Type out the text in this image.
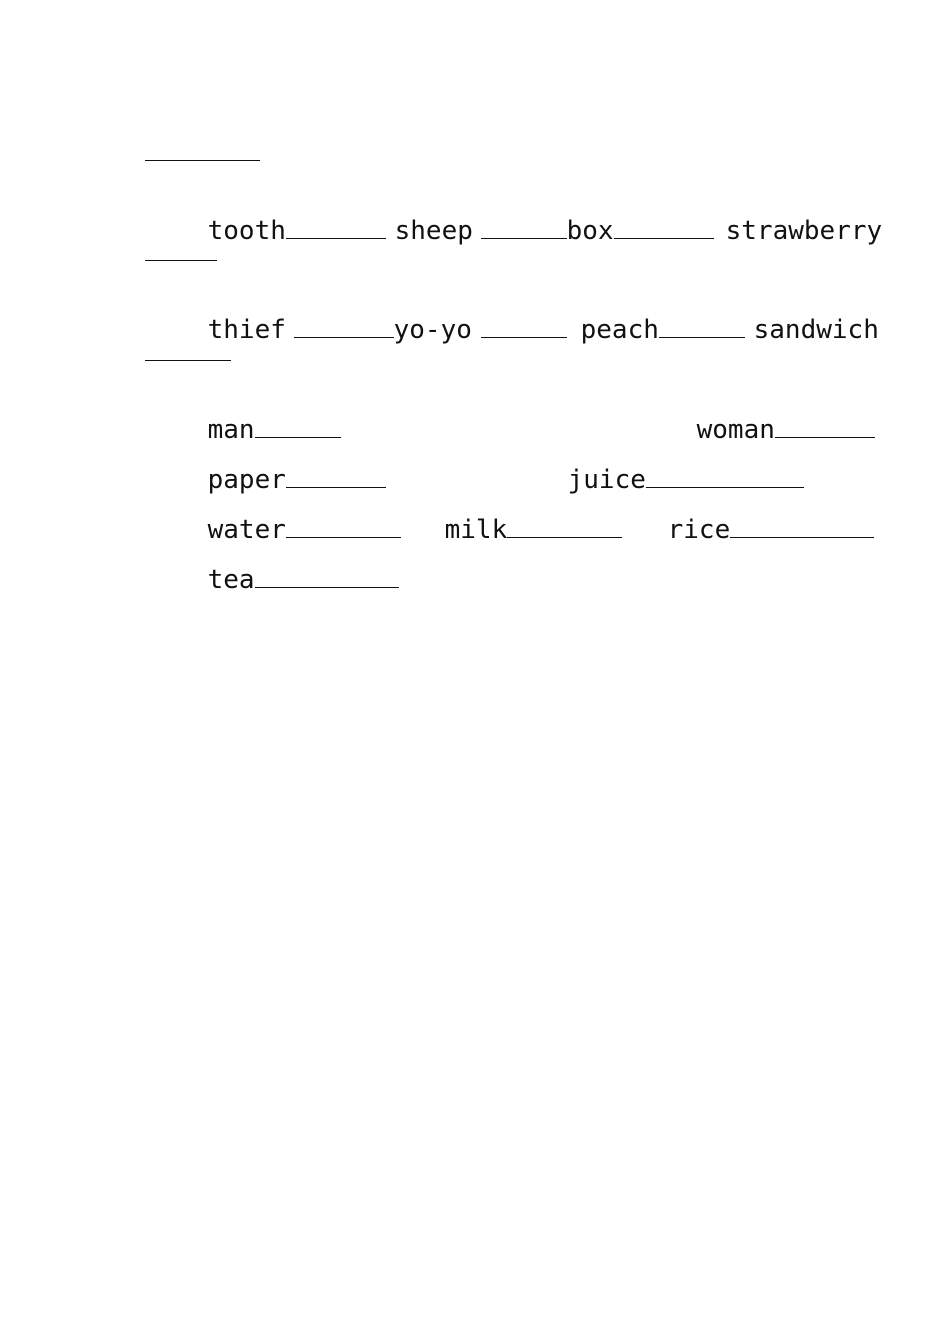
tooth
	sheep
	box
	strawberry

thief
	yo-yo

	peach
	sandwich

man
	woman

paper
	juice

water
	milk
	rice

tea
